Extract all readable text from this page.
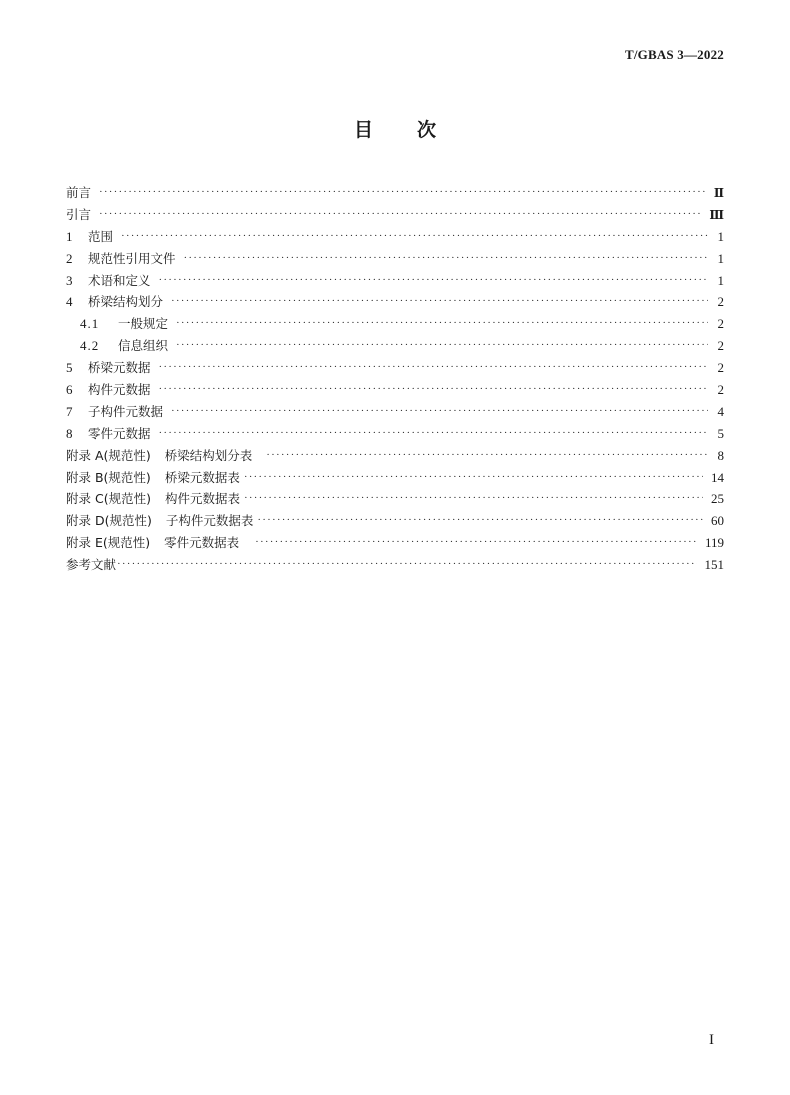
T/GBAS 3—2022
目 次
前言 ·····	Ⅱ
引言 ·····	Ⅲ
1	范围 ·····	1
2	规范性引用文件 ·····	1
3	术语和定义 ·····	1
4	桥梁结构划分 ·····	2
4.1	一般规定 ·····	2
4.2	信息组织 ·····	2
5	桥梁元数据 ·····	2
6	构件元数据 ·····	2
7	子构件元数据 ·····	4
8	零件元数据 ·····	5
附录 A(规范性) 桥梁结构划分表 ·····	8
附录 B(规范性) 桥梁元数据表 ·····	14
附录 C(规范性) 构件元数据表 ·····	25
附录 D(规范性) 子构件元数据表 ·····	60
附录 E(规范性) 零件元数据表 ·····	119
参考文献 ·····	151
I
